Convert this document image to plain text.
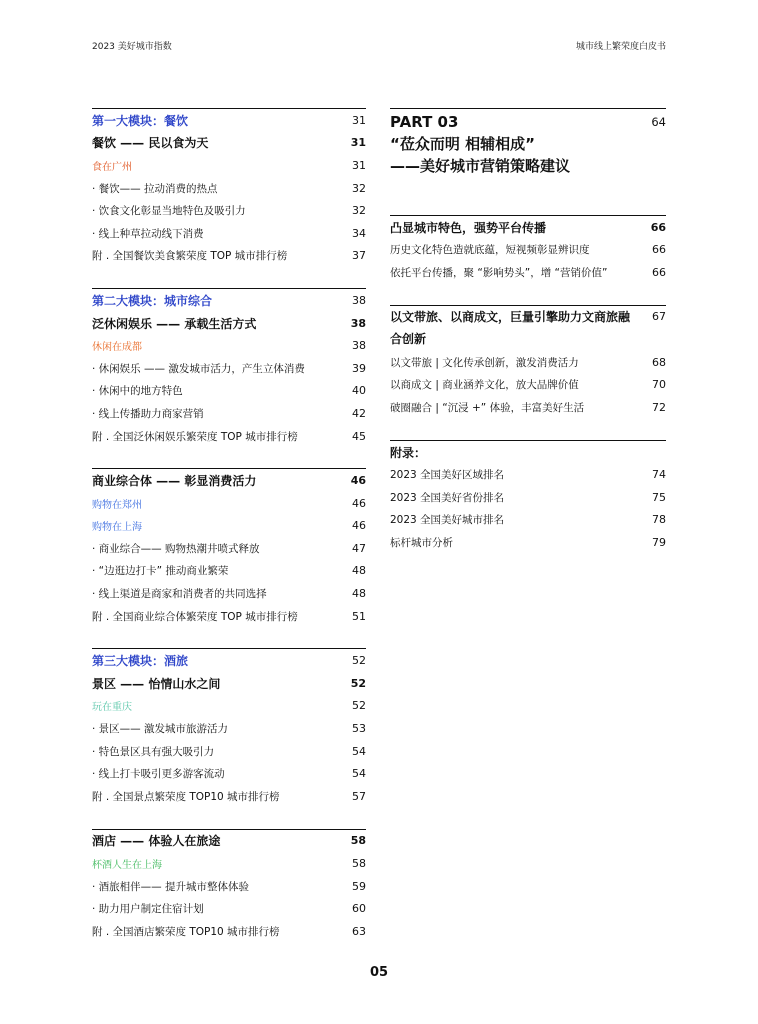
2023 美好城市指数	城市线上繁荣度白皮书
第一大模块：餐饮	31
餐饮 —— 民以食为天	31
食在广州	31
· 餐饮—— 拉动消费的热点	32
· 饮食文化彰显当地特色及吸引力	32
· 线上种草拉动线下消费	34
附 . 全国餐饮美食繁荣度 TOP 城市排行榜	37
第二大模块：城市综合	38
泛休闲娱乐 —— 承载生活方式	38
休闲在成都	38
· 休闲娱乐 —— 激发城市活力，产生立体消费	39
· 休闲中的地方特色	40
· 线上传播助力商家营销	42
附 . 全国泛休闲娱乐繁荣度 TOP 城市排行榜	45
商业综合体 —— 彰显消费活力	46
购物在郑州	46
购物在上海	46
· 商业综合—— 购物热潮井喷式释放	47
· “边逛边打卡” 推动商业繁荣	48
· 线上渠道是商家和消费者的共同选择	48
附 . 全国商业综合体繁荣度 TOP 城市排行榜	51
第三大模块：酒旅	52
景区 —— 怡情山水之间	52
玩在重庆	52
· 景区—— 激发城市旅游活力	53
· 特色景区具有强大吸引力	54
· 线上打卡吸引更多游客流动	54
附 . 全国景点繁荣度 TOP10 城市排行榜	57
酒店 —— 体验人在旅途	58
杯酒人生在上海	58
· 酒旅相伴—— 提升城市整体体验	59
· 助力用户制定住宿计划	60
附 . 全国酒店繁荣度 TOP10 城市排行榜	63
PART 03
“莅众而明 相辅相成”
——美好城市营销策略建议
64
凸显城市特色，强势平台传播	66
历史文化特色造就底蕴，短视频彰显辨识度	66
依托平台传播，聚 “影响势头”，增 “营销价值”	66
以文带旅、以商成文，巨量引擎助力文商旅融合创新
67
以文带旅 | 文化传承创新，激发消费活力	68
以商成文 | 商业涵养文化，放大品牌价值	70
破圈融合 | “沉浸 +” 体验，丰富美好生活	72
附录：
2023 全国美好区域排名	74
2023 全国美好省份排名	75
2023 全国美好城市排名	78
标杆城市分析	79
05
